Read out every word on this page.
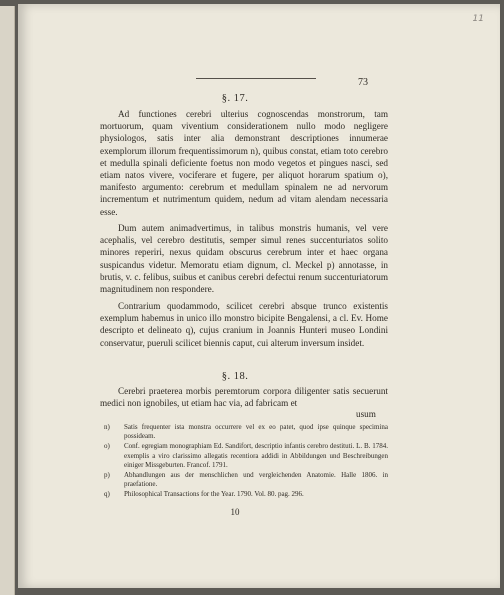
11
73
§. 17.

Ad functiones cerebri ulterius cognoscendas monstrorum, tam mortuorum, quam viventium considerationem nullo modo negligere physiologos, satis inter alia demonstrant descriptiones innumerae exemplorum illorum frequentissimorum n), quibus constat, etiam toto cerebro et medulla spinali deficiente foetus non modo vegetos et pingues nasci, sed etiam natos vivere, vociferare et fugere, per aliquot horarum spatium o), manifesto argumento: cerebrum et medullam spinalem ne ad nervorum incrementum et nutrimentum quidem, nedum ad vitam alendam necessaria esse.

Dum autem animadvertimus, in talibus monstris humanis, vel vere acephalis, vel cerebro destitutis, semper simul renes succenturiatos solito minores reperiri, nexus quidam obscurus cerebrum inter et haec organa suspicandus videtur. Memoratu etiam dignum, cl. Meckel p) annotasse, in brutis, v. c. felibus, suibus et canibus cerebri defectui renum succenturiatorum magnitudinem non respondere.

Contrarium quodammodo, scilicet cerebri absque trunco existentis exemplum habemus in unico illo monstro bicipite Bengalensi, a cl. Ev. Home descripto et delineato q), cujus cranium in Joannis Hunteri museo Londini conservatur, pueruli scilicet biennis caput, cui alterum inversum insidet.

§. 18.

Cerebri praeterea morbis peremtorum corpora diligenter satis secuerunt medici non ignobiles, ut etiam hac via, ad fabricam et

usum
n) Satis frequenter ista monstra occurrere vel ex eo patet, quod ipse quinque specimina possideam.
o) Conf. egregiam monographiam Ed. Sandifort, descriptio infantis cerebro destituti. L. B. 1784. exemplis a viro clarissimo allegatis recentiora addidi in Abbildungen und Beschreibungen einiger Missgeburten. Francof. 1791.
p) Abhandlungen aus der menschlichen und vergleichenden Anatomie. Halle 1806. in praefatione.
q) Philosophical Transactions for the Year. 1790. Vol. 80. pag. 296.
10
